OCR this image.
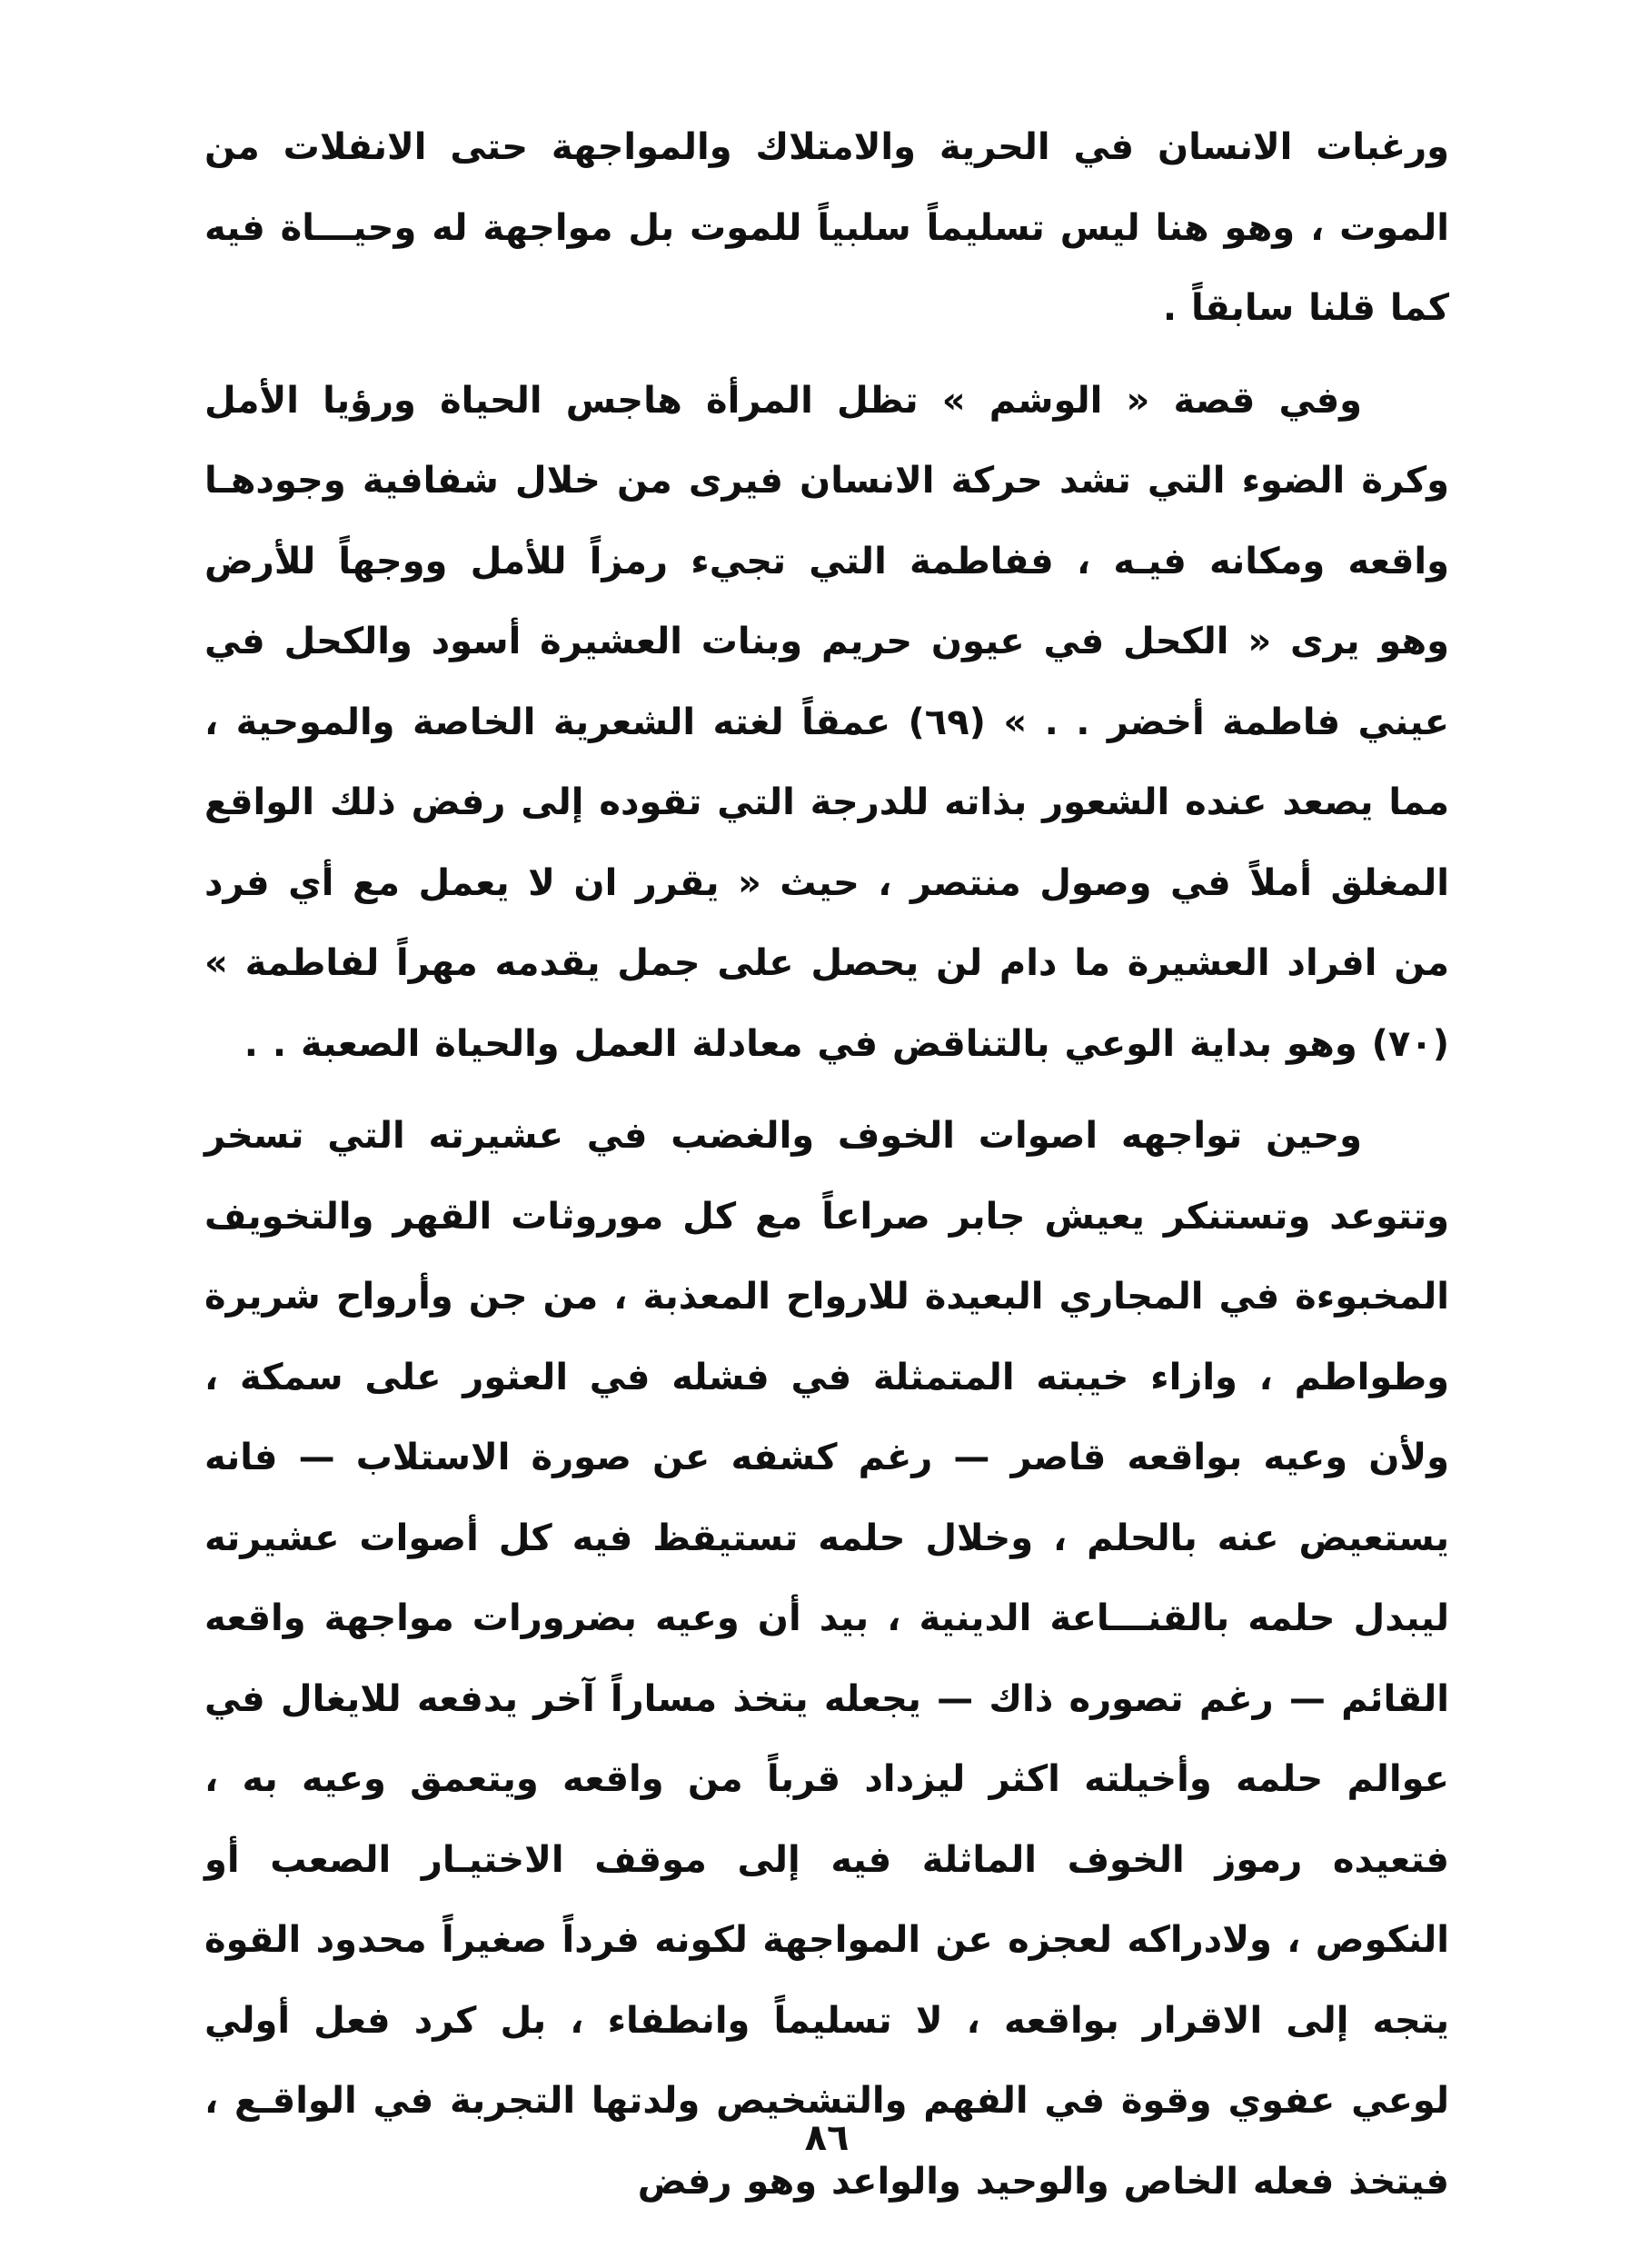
ورغبات الانسان في الحرية والامتلاك والمواجهة حتى الانفلات من الموت ، وهو هنا ليس تسليماً سلبياً للموت بل مواجهة له وحيـــاة فيه كما قلنا سابقاً .

وفي قصة « الوشم » تظل المرأة هاجس الحياة ورؤيا الأمل وكرة الضوء التي تشد حركة الانسان فيرى من خلال شفافية وجودهـا واقعه ومكانه فيـه ، ففاطمة التي تجيء رمزاً للأمل ووجهاً للأرض وهو يرى « الكحل في عيون حريم وبنات العشيرة أسود والكحل في عيني فاطمة أخضر . . » (٦٩) عمقاً لغته الشعرية الخاصة والموحية ، مما يصعد عنده الشعور بذاته للدرجة التي تقوده إلى رفض ذلك الواقع المغلق أملاً في وصول منتصر ، حيث « يقرر ان لا يعمل مع أي فرد من افراد العشيرة ما دام لن يحصل على جمل يقدمه مهراً لفاطمة » (٧٠) وهو بداية الوعي بالتناقض في معادلة العمل والحياة الصعبة . .

وحين تواجهه اصوات الخوف والغضب في عشيرته التي تسخر وتتوعد وتستنكر يعيش جابر صراعاً مع كل موروثات القهر والتخويف المخبوءة في المجاري البعيدة للارواح المعذبة ، من جن وأرواح شريرة وطواطم ، وازاء خيبته المتمثلة في فشله في العثور على سمكة ، ولأن وعيه بواقعه قاصر — رغم كشفه عن صورة الاستلاب — فانه يستعيض عنه بالحلم ، وخلال حلمه تستيقظ فيه كل أصوات عشيرته ليبدل حلمه بالقنـــاعة الدينية ، بيد أن وعيه بضرورات مواجهة واقعه القائم — رغم تصوره ذاك — يجعله يتخذ مساراً آخر يدفعه للايغال في عوالم حلمه وأخيلته اكثر ليزداد قرباً من واقعه ويتعمق وعيه به ، فتعيده رموز الخوف الماثلة فيه إلى موقف الاختيـار الصعب أو النكوص ، ولادراكه لعجزه عن المواجهة لكونه فرداً صغيراً محدود القوة يتجه إلى الاقرار بواقعه ، لا تسليماً وانطفاء ، بل كرد فعل أولي لوعي عفوي وقوة في الفهم والتشخيص ولدتها التجربة في الواقـع ، فيتخذ فعله الخاص والوحيد والواعد وهو رفض

٨٦
